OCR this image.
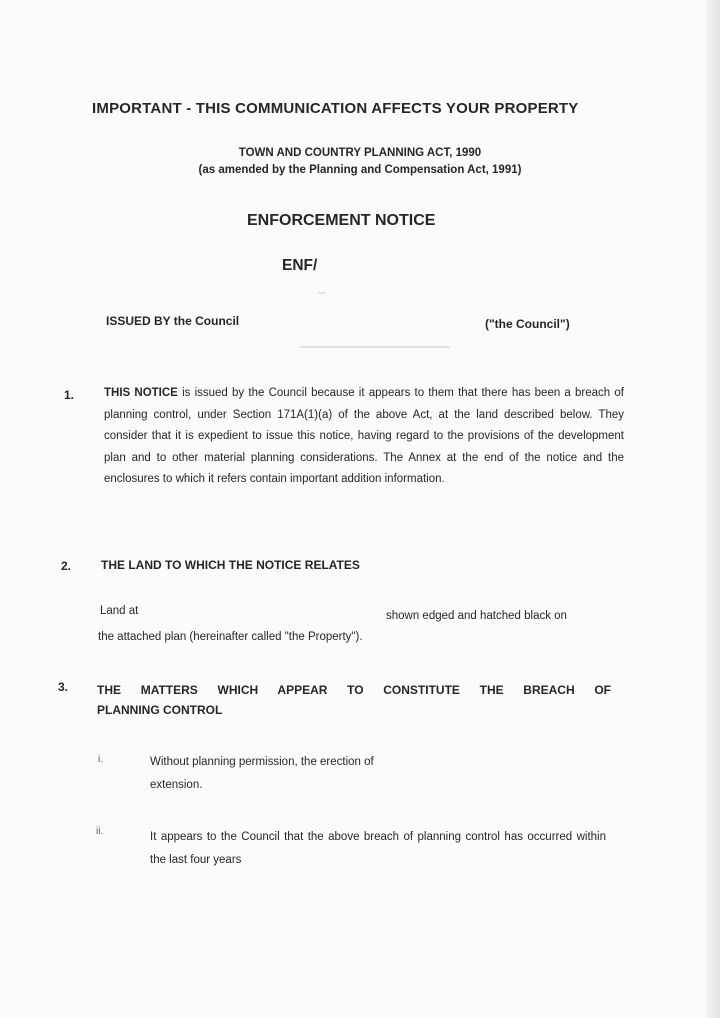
IMPORTANT - THIS COMMUNICATION AFFECTS YOUR PROPERTY
TOWN AND COUNTRY PLANNING ACT, 1990
(as amended by the Planning and Compensation Act, 1991)
ENFORCEMENT NOTICE
ENF/
ISSUED BY the Council	("the Council")
1.	THIS NOTICE is issued by the Council because it appears to them that there has been a breach of planning control, under Section 171A(1)(a) of the above Act, at the land described below. They consider that it is expedient to issue this notice, having regard to the provisions of the development plan and to other material planning considerations. The Annex at the end of the notice and the enclosures to which it refers contain important addition information.
2. THE LAND TO WHICH THE NOTICE RELATES
Land at	shown edged and hatched black on
the attached plan (hereinafter called "the Property").
3. THE MATTERS WHICH APPEAR TO CONSTITUTE THE BREACH OF
PLANNING CONTROL
i.	Without planning permission, the erection of
extension.
ii.	It appears to the Council that the above breach of planning control has occurred within the last four years
